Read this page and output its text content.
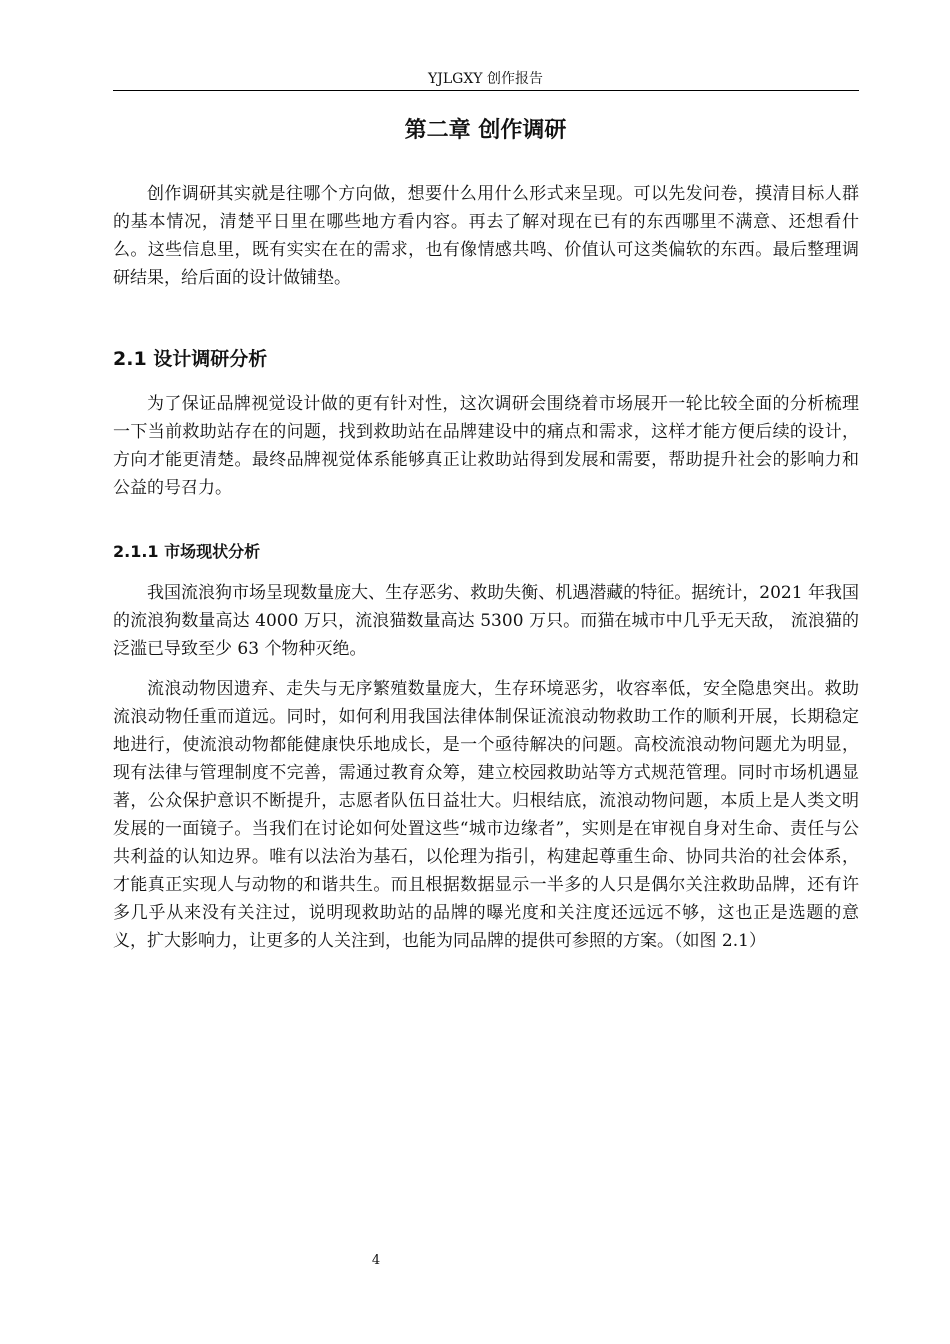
YJLGXY 创作报告
第二章 创作调研

创作调研其实就是往哪个方向做，想要什么用什么形式来呈现。可以先发问卷，摸清目标人群的基本情况，清楚平日里在哪些地方看内容。再去了解对现在已有的东西哪里不满意、还想看什么。这些信息里，既有实实在在的需求，也有像情感共鸣、价值认可这类偏软的东西。最后整理调研结果，给后面的设计做铺垫。

2.1 设计调研分析

为了保证品牌视觉设计做的更有针对性，这次调研会围绕着市场展开一轮比较全面的分析梳理一下当前救助站存在的问题，找到救助站在品牌建设中的痛点和需求，这样才能方便后续的设计，方向才能更清楚。最终品牌视觉体系能够真正让救助站得到发展和需要，帮助提升社会的影响力和公益的号召力。

2.1.1 市场现状分析

我国流浪狗市场呈现数量庞大、生存恶劣、救助失衡、机遇潜藏的特征。据统计，2021 年我国的流浪狗数量高达 4000 万只，流浪猫数量高达 5300 万只。而猫在城市中几乎无天敌， 流浪猫的泛滥已导致至少 63 个物种灭绝。

流浪动物因遗弃、走失与无序繁殖数量庞大，生存环境恶劣，收容率低，安全隐患突出。救助流浪动物任重而道远。同时，如何利用我国法律体制保证流浪动物救助工作的顺利开展，长期稳定地进行，使流浪动物都能健康快乐地成长，是一个亟待解决的问题。高校流浪动物问题尤为明显，现有法律与管理制度不完善，需通过教育众筹，建立校园救助站等方式规范管理。同时市场机遇显著，公众保护意识不断提升，志愿者队伍日益壮大。归根结底，流浪动物问题，本质上是人类文明发展的一面镜子。当我们在讨论如何处置这些“城市边缘者”，实则是在审视自身对生命、责任与公共利益的认知边界。唯有以法治为基石，以伦理为指引，构建起尊重生命、协同共治的社会体系，才能真正实现人与动物的和谐共生。而且根据数据显示一半多的人只是偶尔关注救助品牌，还有许多几乎从来没有关注过，说明现救助站的品牌的曝光度和关注度还远远不够，这也正是选题的意义，扩大影响力，让更多的人关注到，也能为同品牌的提供可参照的方案。（如图 2.1）

4
